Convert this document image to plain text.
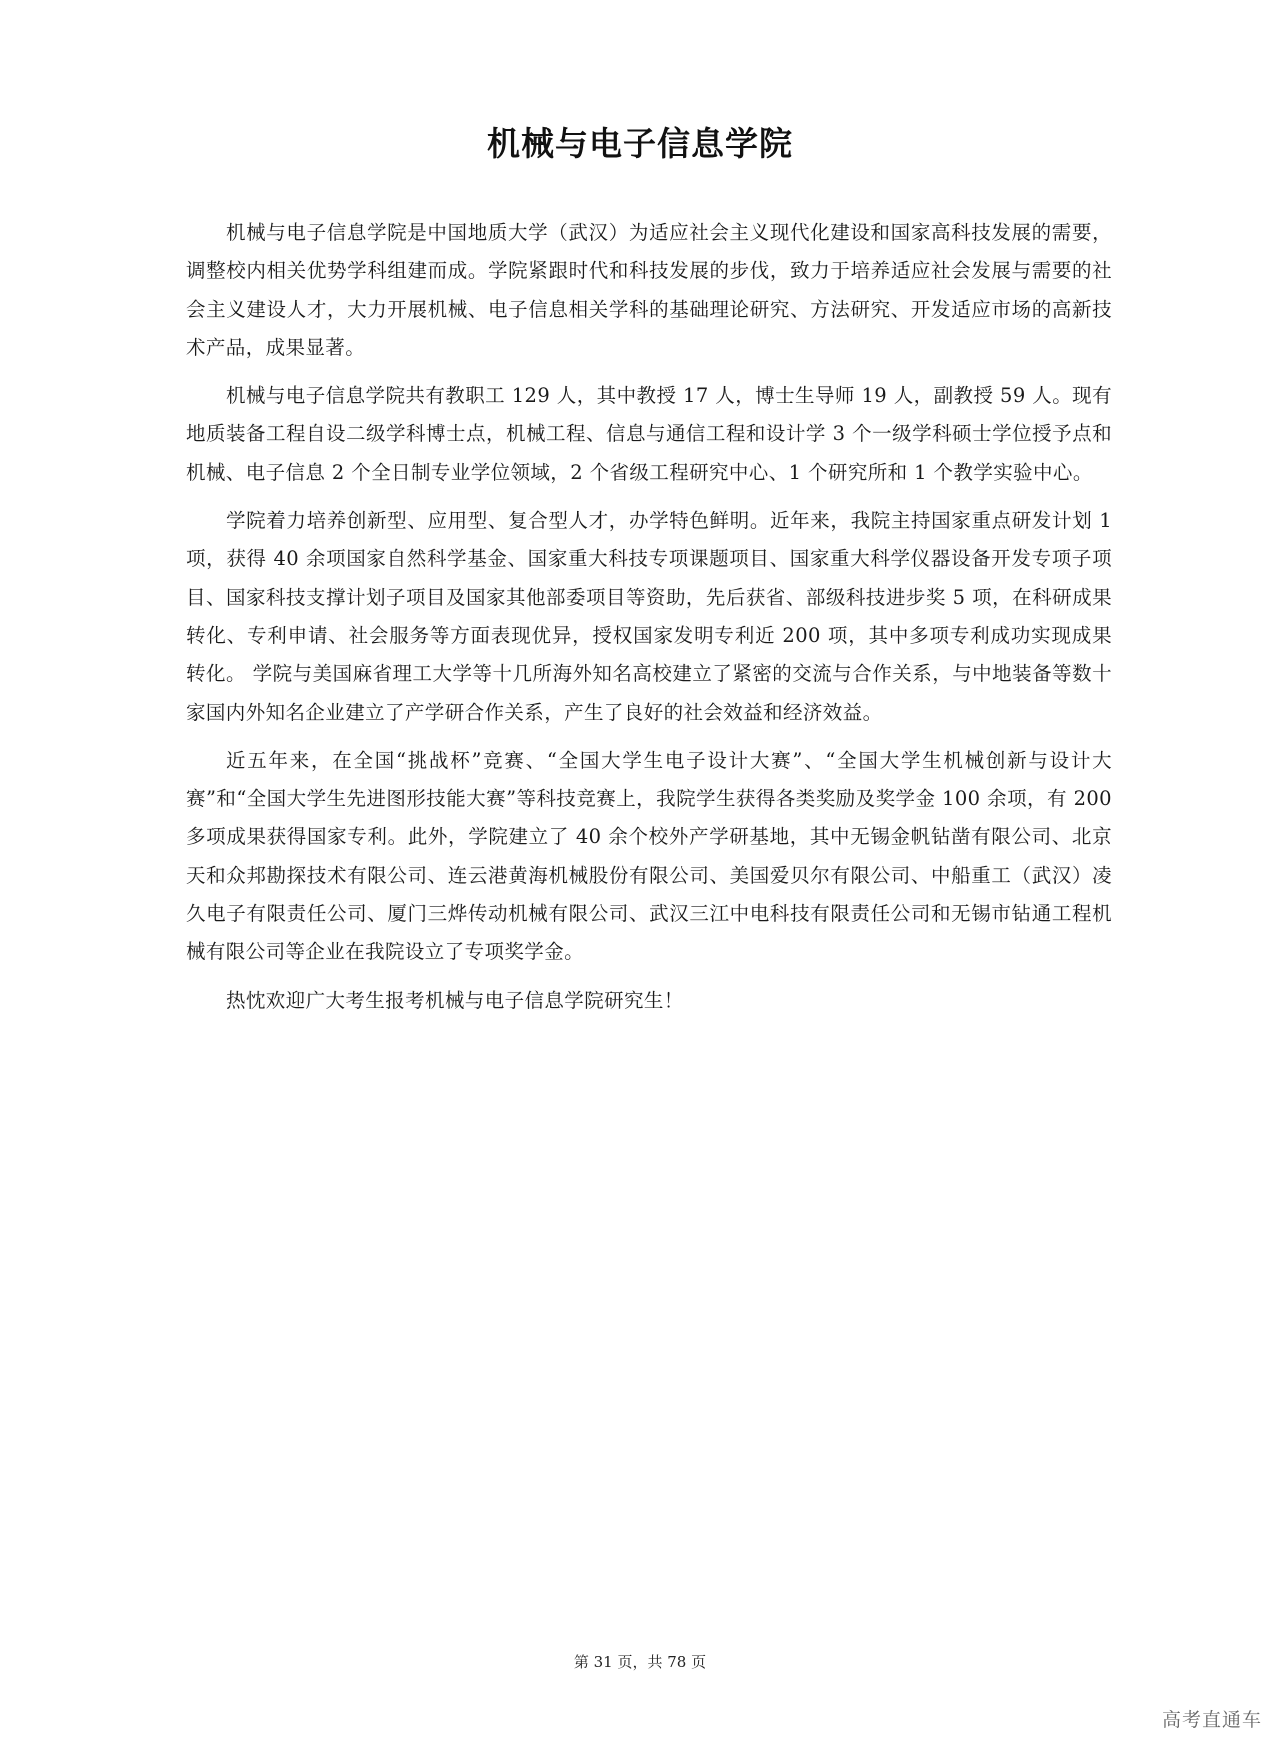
机械与电子信息学院

机械与电子信息学院是中国地质大学（武汉）为适应社会主义现代化建设和国家高科技发展的需要，调整校内相关优势学科组建而成。学院紧跟时代和科技发展的步伐，致力于培养适应社会发展与需要的社会主义建设人才，大力开展机械、电子信息相关学科的基础理论研究、方法研究、开发适应市场的高新技术产品，成果显著。

机械与电子信息学院共有教职工 129 人，其中教授 17 人，博士生导师 19 人，副教授 59 人。现有地质装备工程自设二级学科博士点，机械工程、信息与通信工程和设计学 3 个一级学科硕士学位授予点和机械、电子信息 2 个全日制专业学位领域，2 个省级工程研究中心、1 个研究所和 1 个教学实验中心。

学院着力培养创新型、应用型、复合型人才，办学特色鲜明。近年来，我院主持国家重点研发计划 1 项，获得 40 余项国家自然科学基金、国家重大科技专项课题项目、国家重大科学仪器设备开发专项子项目、国家科技支撑计划子项目及国家其他部委项目等资助，先后获省、部级科技进步奖 5 项，在科研成果转化、专利申请、社会服务等方面表现优异，授权国家发明专利近 200 项，其中多项专利成功实现成果转化。 学院与美国麻省理工大学等十几所海外知名高校建立了紧密的交流与合作关系，与中地装备等数十家国内外知名企业建立了产学研合作关系，产生了良好的社会效益和经济效益。

近五年来，在全国“挑战杯”竞赛、“全国大学生电子设计大赛”、“全国大学生机械创新与设计大赛”和“全国大学生先进图形技能大赛”等科技竞赛上，我院学生获得各类奖励及奖学金 100 余项，有 200 多项成果获得国家专利。此外，学院建立了 40 余个校外产学研基地，其中无锡金帆钻凿有限公司、北京天和众邦勘探技术有限公司、连云港黄海机械股份有限公司、美国爱贝尔有限公司、中船重工（武汉）凌久电子有限责任公司、厦门三烨传动机械有限公司、武汉三江中电科技有限责任公司和无锡市钻通工程机械有限公司等企业在我院设立了专项奖学金。

热忱欢迎广大考生报考机械与电子信息学院研究生！

第 31 页，共 78 页
高考直通车
